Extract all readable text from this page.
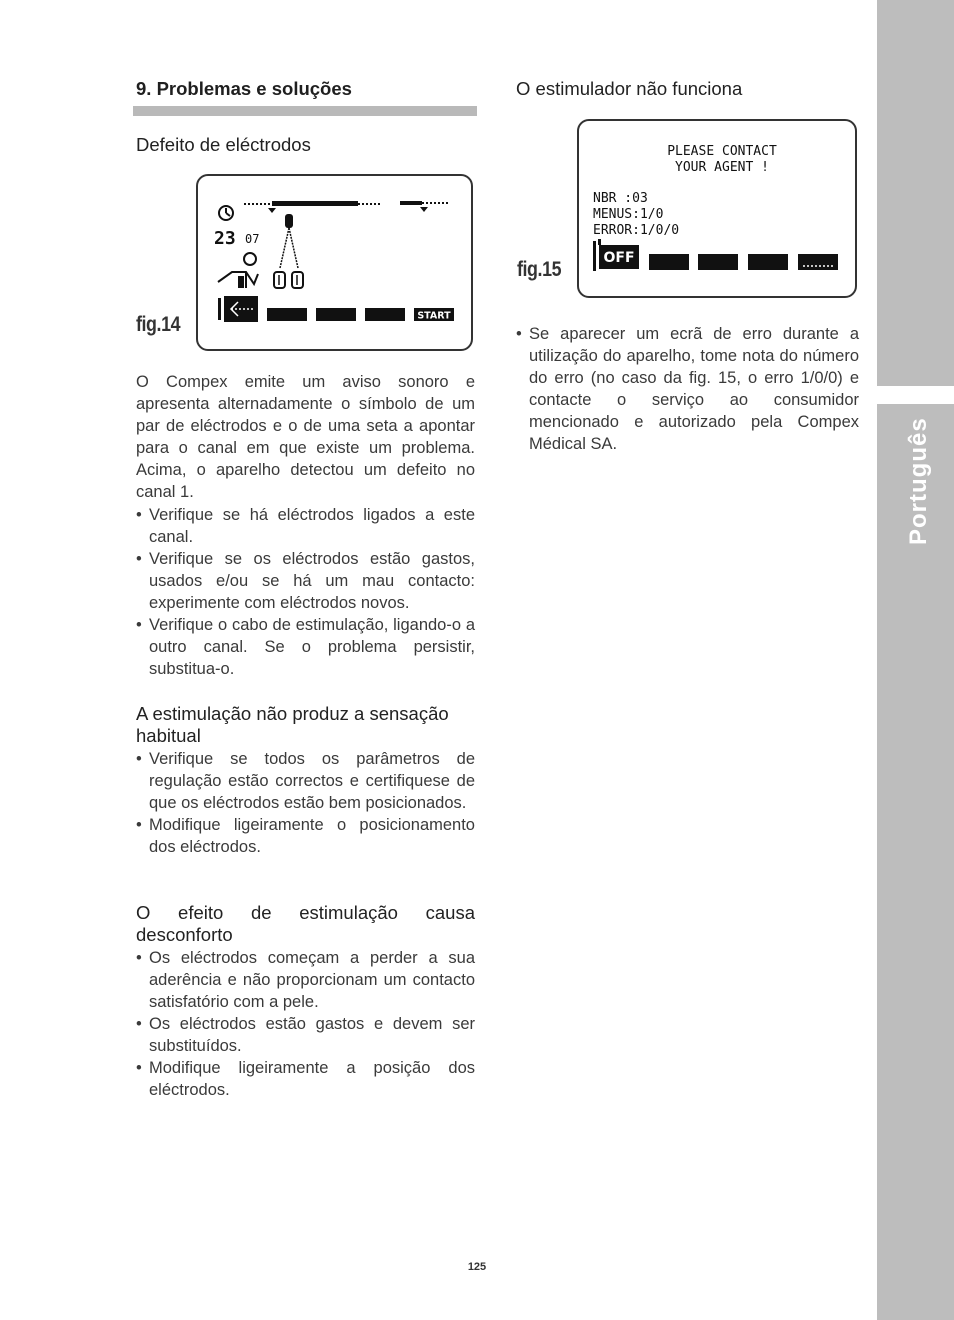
Português
9. Problemas e soluções
Defeito de eléctrodos
fig.14
23 07
START
O Compex emite um aviso sonoro e apresenta alternadamente o símbolo de um par de eléctrodos e o de uma seta a apontar para o canal em que existe um problema. Acima, o aparelho detectou um defeito no canal 1.
• Verifique se há eléctrodos ligados a este canal.
• Verifique se os eléctrodos estão gastos, usados e/ou se há um mau contacto: experimente com eléctrodos novos.
• Verifique o cabo de estimulação, ligando-o a outro canal. Se o problema persistir, substitua-o.
A estimulação não produz a sensação habitual
• Verifique se todos os parâmetros de regulação estão correctos e certifiquese de que os eléctrodos estão bem posicionados.
• Modifique ligeiramente o posicionamento dos eléctrodos.
O efeito de estimulação causa desconforto
• Os eléctrodos começam a perder a sua aderência e não proporcionam um contacto satisfatório com a pele.
• Os eléctrodos estão gastos e devem ser substituídos.
• Modifique ligeiramente a posição dos eléctrodos.
O estimulador não funciona
fig.15
PLEASE CONTACT
YOUR AGENT !
NBR :03
MENUS:1/0
ERROR:1/0/0
OFF
• Se aparecer um ecrã de erro durante a utilização do aparelho, tome nota do número do erro (no caso da fig. 15, o erro 1/0/0) e contacte o serviço ao consumidor mencionado e autorizado pela Compex Médical SA.
125
